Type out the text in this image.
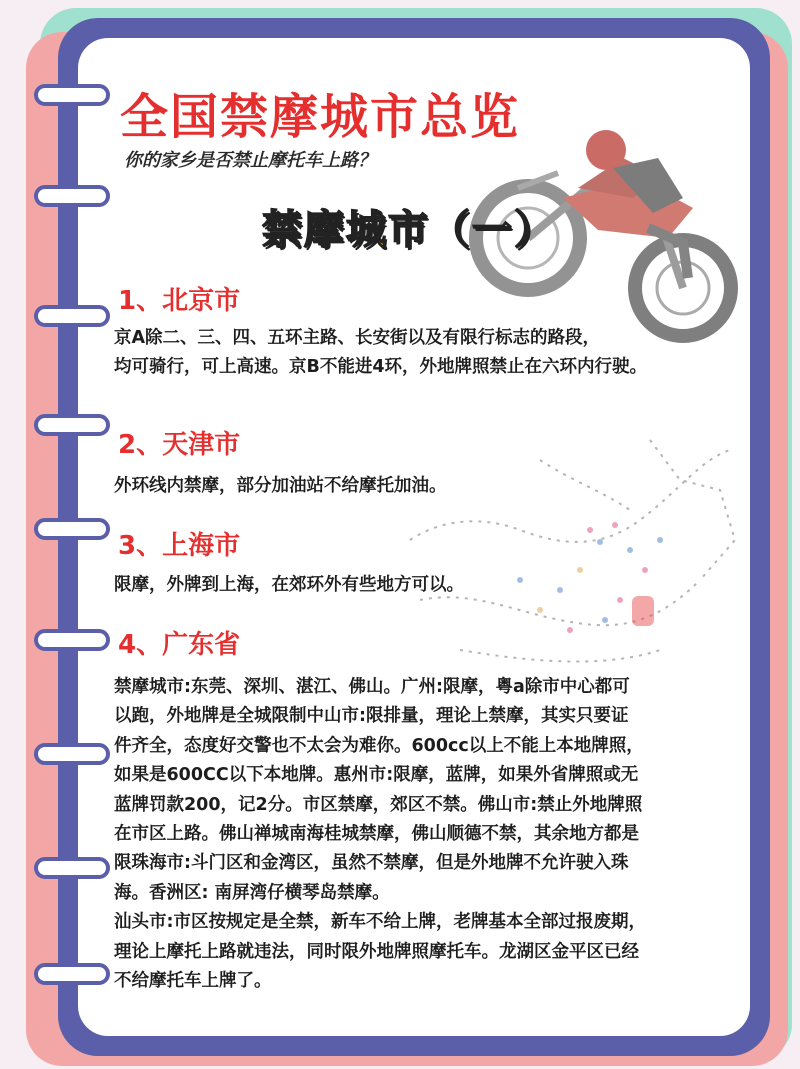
全国禁摩城市总览
你的家乡是否禁止摩托车上路？
禁摩城市（一）
1、北京市
京A除二、三、四、五环主路、长安街以及有限行标志的路段，
均可骑行，可上高速。京B不能进4环，外地牌照禁止在六环内行驶。
2、天津市
外环线内禁摩，部分加油站不给摩托加油。
3、上海市
限摩，外牌到上海，在郊环外有些地方可以。
4、广东省
禁摩城市:东莞、深圳、湛江、佛山。广州:限摩，粤a除市中心都可
以跑，外地牌是全城限制中山市:限排量，理论上禁摩，其实只要证
件齐全，态度好交警也不太会为难你。600cc以上不能上本地牌照，
如果是600CC以下本地牌。惠州市:限摩，蓝牌，如果外省牌照或无
蓝牌罚款200，记2分。市区禁摩，郊区不禁。佛山市:禁止外地牌照
在市区上路。佛山禅城南海桂城禁摩，佛山顺德不禁，其余地方都是
限珠海市:斗门区和金湾区，虽然不禁摩，但是外地牌不允许驶入珠
海。香洲区: 南屏湾仔横琴岛禁摩。
汕头市:市区按规定是全禁，新车不给上牌，老牌基本全部过报废期，
理论上摩托上路就违法，同时限外地牌照摩托车。龙湖区金平区已经
不给摩托车上牌了。
